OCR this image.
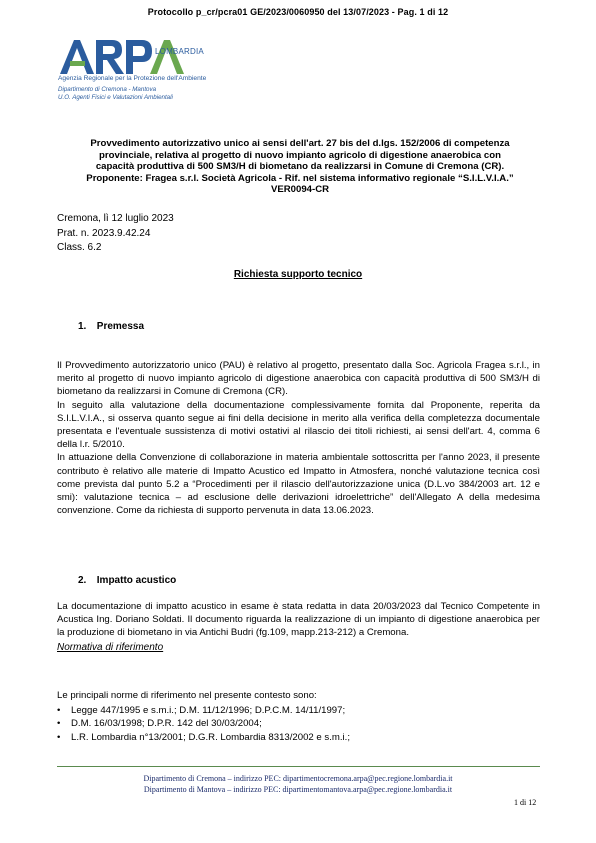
Protocollo p_cr/pcra01 GE/2023/0060950 del 13/07/2023 - Pag. 1 di 12
LOMBARDIA
Agenzia Regionale per la Protezione dell'Ambiente
Dipartimento di Cremona - Mantova
U.O. Agenti Fisici e Valutazioni Ambientali
Provvedimento autorizzativo unico ai sensi dell'art. 27 bis del d.lgs. 152/2006 di competenza
provinciale, relativa al progetto di nuovo impianto agricolo di digestione anaerobica con
capacità produttiva di 500 SM3/H di biometano da realizzarsi in Comune di Cremona (CR).
Proponente: Fragea s.r.l. Società Agricola - Rif. nel sistema informativo regionale “S.I.L.V.I.A.”
VER0094-CR
Cremona, lì 12 luglio 2023
Prat. n. 2023.9.42.24
Class. 6.2
Richiesta supporto tecnico
1. Premessa

Il Provvedimento autorizzatorio unico (PAU) è relativo al progetto, presentato dalla Soc. Agricola Fragea s.r.l., in merito al progetto di nuovo impianto agricolo di digestione anaerobica con capacità produttiva di 500 SM3/H di biometano da realizzarsi in Comune di Cremona (CR).

In seguito alla valutazione della documentazione complessivamente fornita dal Proponente, reperita da S.I.L.V.I.A., si osserva quanto segue ai fini della decisione in merito alla verifica della completezza documentale presentata e l'eventuale sussistenza di motivi ostativi al rilascio dei titoli richiesti, ai sensi dell'art. 4, comma 6 della l.r. 5/2010.

In attuazione della Convenzione di collaborazione in materia ambientale sottoscritta per l'anno 2023, il presente contributo è relativo alle materie di Impatto Acustico ed Impatto in Atmosfera, nonché valutazione tecnica così come prevista dal punto 5.2 a “Procedimenti per il rilascio dell'autorizzazione unica (D.L.vo 384/2003 art. 12 e smi): valutazione tecnica – ad esclusione delle derivazioni idroelettriche” dell'Allegato A della medesima convenzione. Come da richiesta di supporto pervenuta in data 13.06.2023.

2. Impatto acustico

La documentazione di impatto acustico in esame è stata redatta in data 20/03/2023 dal Tecnico Competente in Acustica Ing. Doriano Soldati. Il documento riguarda la realizzazione di un impianto di digestione anaerobica per la produzione di biometano in via Antichi Budri (fg.109, mapp.213-212) a Cremona.

Normativa di riferimento
Le principali norme di riferimento nel presente contesto sono:
• Legge 447/1995 e s.m.i.; D.M. 11/12/1996; D.P.C.M. 14/11/1997;
• D.M. 16/03/1998; D.P.R. 142 del 30/03/2004;
• L.R. Lombardia n°13/2001; D.G.R. Lombardia 8313/2002 e s.m.i.;
Dipartimento di Cremona – indirizzo PEC: dipartimentocremona.arpa@pec.regione.lombardia.it
Dipartimento di Mantova – indirizzo PEC: dipartimentomantova.arpa@pec.regione.lombardia.it
1 di 12
